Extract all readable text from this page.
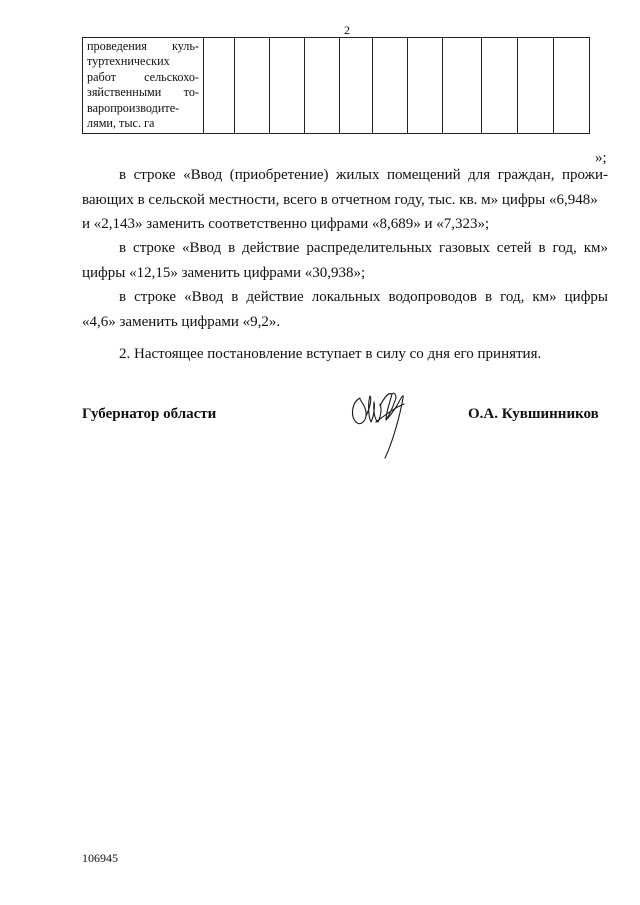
2
проведения куль-
туртехнических
работ сельскохо-
зяйственными то-
варопроизводите-
лями, тыс. га

»;

в строке «Ввод (приобретение) жилых помещений для граждан, прожи-
вающих в сельской местности, всего в отчетном году, тыс. кв. м» цифры «6,948» и «2,143» заменить соответственно цифрами «8,689» и «7,323»;

в строке «Ввод в действие распределительных газовых сетей в год, км»
цифры «12,15» заменить цифрами «30,938»;

в строке «Ввод в действие локальных водопроводов в год, км» цифры
«4,6» заменить цифрами «9,2».

2. Настоящее постановление вступает в силу со дня его принятия.

Губернатор области	О.А. Кувшинников
106945
